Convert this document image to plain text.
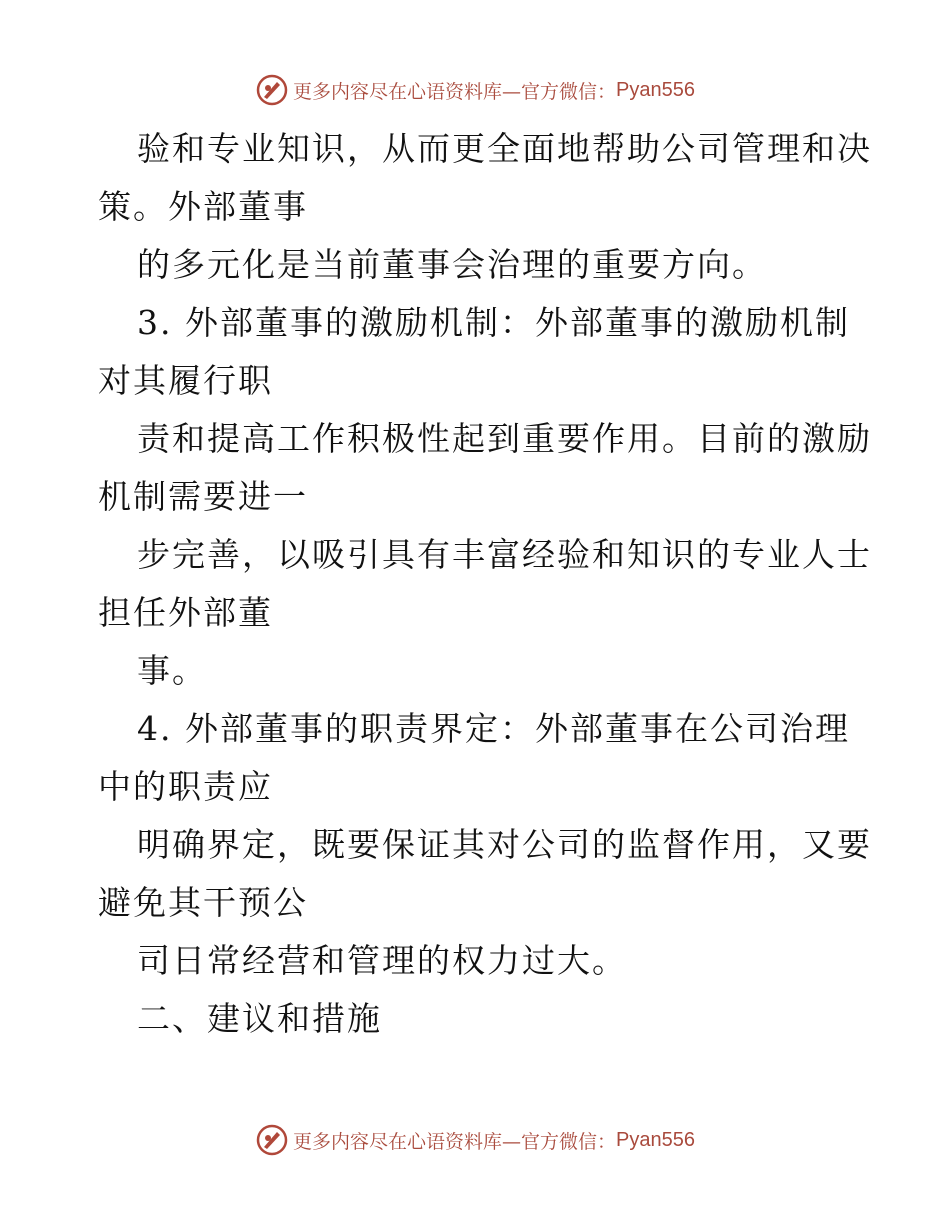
更多内容尽在心语资料库—官方微信： Pyan556
验和专业知识，从而更全面地帮助公司管理和决
策。外部董事
的多元化是当前董事会治理的重要方向。
3. 外部董事的激励机制：外部董事的激励机制
对其履行职
责和提高工作积极性起到重要作用。目前的激励
机制需要进一
步完善，以吸引具有丰富经验和知识的专业人士
担任外部董
事。
4. 外部董事的职责界定：外部董事在公司治理
中的职责应
明确界定，既要保证其对公司的监督作用，又要
避免其干预公
司日常经营和管理的权力过大。
二、建议和措施
更多内容尽在心语资料库—官方微信： Pyan556
